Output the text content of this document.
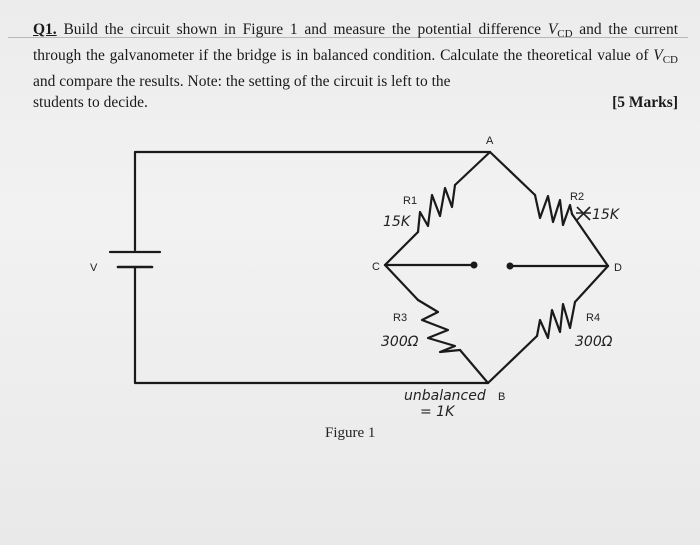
Q1. Build the circuit shown in Figure 1 and measure the potential difference $V_{CD}$ and the current through the galvanometer if the bridge is in balanced condition. Calculate the theoretical value of $V_{CD}$ and compare the results. Note: the setting of the circuit is left to the
students to decide.	[5 Marks]
V
A
B
C	D
R1	R2
R3	R4
15K	15K
300Ω	300Ω
unbalanced
= 1K
Figure 1
